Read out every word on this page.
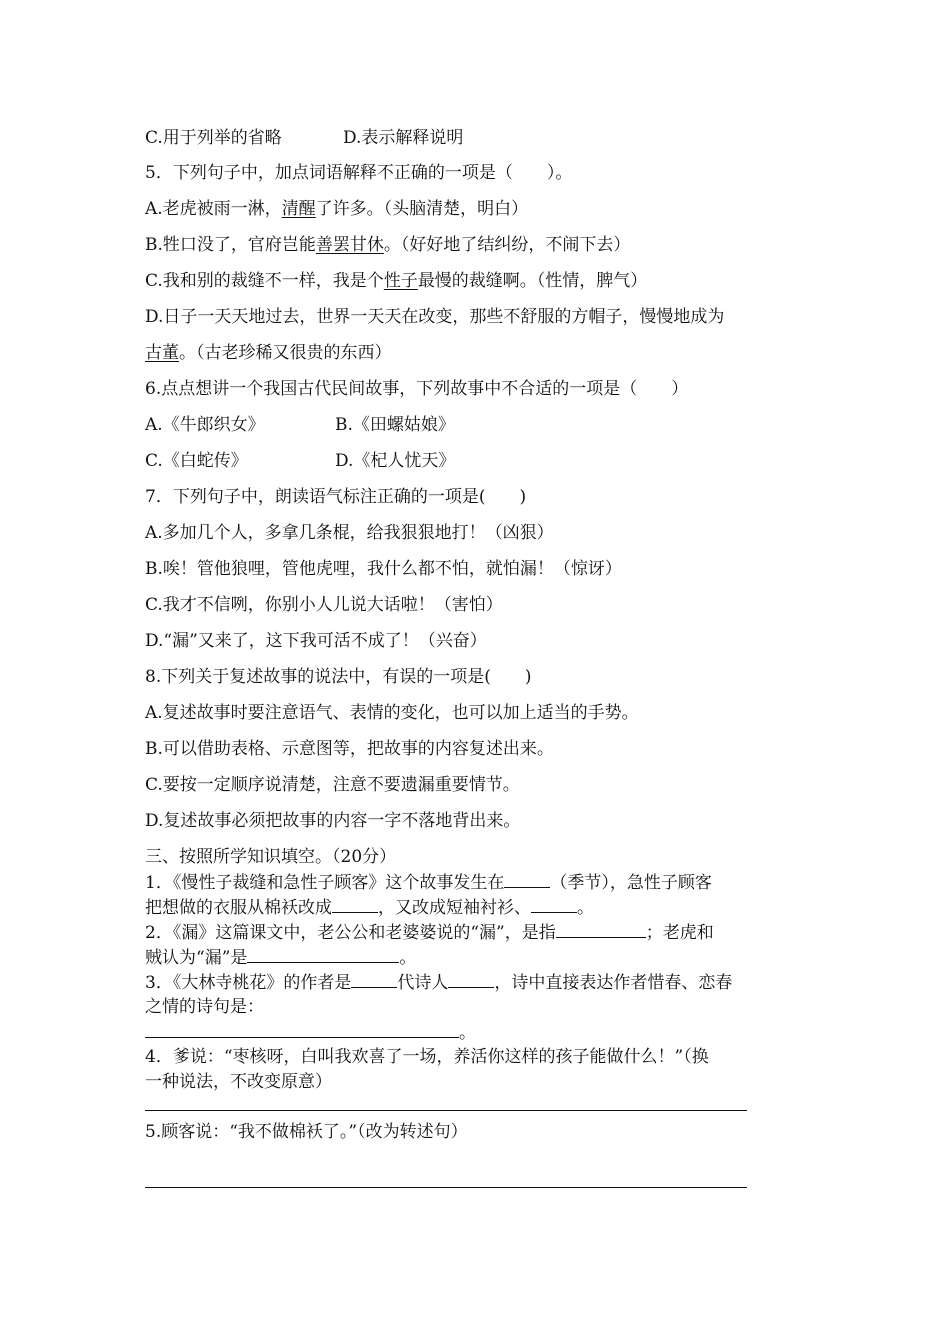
C.用于列举的省略	D.表示解释说明
5．下列句子中，加点词语解释不正确的一项是（　　）。
A.老虎被雨一淋，清醒了许多。（头脑清楚，明白）
B.牲口没了，官府岂能善罢甘休。（好好地了结纠纷，不闹下去）
C.我和别的裁缝不一样，我是个性子最慢的裁缝啊。（性情，脾气）
D.日子一天天地过去，世界一天天在改变，那些不舒服的方帽子，慢慢地成为
古董。（古老珍稀又很贵的东西）
6.点点想讲一个我国古代民间故事，下列故事中不合适的一项是（　　）
A.《牛郎织女》	B.《田螺姑娘》
C.《白蛇传》	D.《杞人忧天》
7．下列句子中，朗读语气标注正确的一项是(　　)
A.多加几个人，多拿几条棍，给我狠狠地打！（凶狠）
B.唉！管他狼哩，管他虎哩，我什么都不怕，就怕漏！（惊讶）
C.我才不信咧，你别小人儿说大话啦！（害怕）
D.“漏”又来了，这下我可活不成了！（兴奋）
8.下列关于复述故事的说法中，有误的一项是(　　)
A.复述故事时要注意语气、表情的变化，也可以加上适当的手势。
B.可以借助表格、示意图等，把故事的内容复述出来。
C.要按一定顺序说清楚，注意不要遗漏重要情节。
D.复述故事必须把故事的内容一字不落地背出来。
三、按照所学知识填空。（20分）
1．《慢性子裁缝和急性子顾客》这个故事发生在	（季节），急性子顾客
把想做的衣服从棉袄改成	，又改成短袖衬衫、	。
2．《漏》这篇课文中，老公公和老婆婆说的“漏”，是指	；老虎和
贼认为“漏”是	。
3．《大林寺桃花》的作者是	代诗人	，诗中直接表达作者惜春、恋春
之情的诗句是：
。
4．爹说：“枣核呀，白叫我欢喜了一场，养活你这样的孩子能做什么！”（换
一种说法，不改变原意）
5.顾客说：“我不做棉袄了。”（改为转述句）
